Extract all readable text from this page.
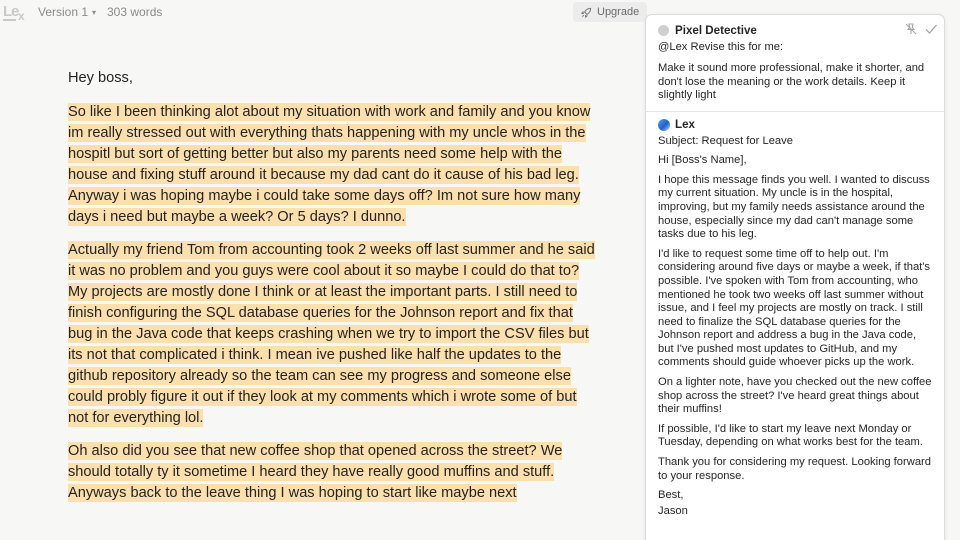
L
e
x Version 1 ▾ 303 words	Upgrade

Hey boss,

So like I been thinking alot about my situation with work and family and you know im really stressed out with everything thats happening with my uncle whos in the hospitl but sort of getting better but also my parents need some help with the house and fixing stuff around it because my dad cant do it cause of his bad leg. Anyway i was hoping maybe i could take some days off? Im not sure how many days i need but maybe a week? Or 5 days? I dunno.

Actually my friend Tom from accounting took 2 weeks off last summer and he said it was no problem and you guys were cool about it so maybe I could do that to? My projects are mostly done I think or at least the important parts. I still need to finish configuring the SQL database queries for the Johnson report and fix that bug in the Java code that keeps crashing when we try to import the CSV files but its not that complicated i think. I mean ive pushed like half the updates to the github repository already so the team can see my progress and someone else could probly figure it out if they look at my comments which i wrote some of but not for everything lol.

Oh also did you see that new coffee shop that opened across the street? We should totally ty it sometime I heard they have really good muffins and stuff. Anyways back to the leave thing I was hoping to start like maybe next

Pixel Detective
@Lex Revise this for me:
Make it sound more professional, make it shorter, and don't lose the meaning or the work details. Keep it slightly light
Lex

Subject: Request for Leave

Hi [Boss's Name],

I hope this message finds you well. I wanted to discuss my current situation. My uncle is in the hospital, improving, but my family needs assistance around the house, especially since my dad can't manage some tasks due to his leg.

I'd like to request some time off to help out. I'm considering around five days or maybe a week, if that's possible. I've spoken with Tom from accounting, who mentioned he took two weeks off last summer without issue, and I feel my projects are mostly on track. I still need to finalize the SQL database queries for the Johnson report and address a bug in the Java code, but I've pushed most updates to GitHub, and my comments should guide whoever picks up the work.

On a lighter note, have you checked out the new coffee shop across the street? I've heard great things about their muffins!

If possible, I'd like to start my leave next Monday or Tuesday, depending on what works best for the team.

Thank you for considering my request. Looking forward to your response.

Best,

Jason
